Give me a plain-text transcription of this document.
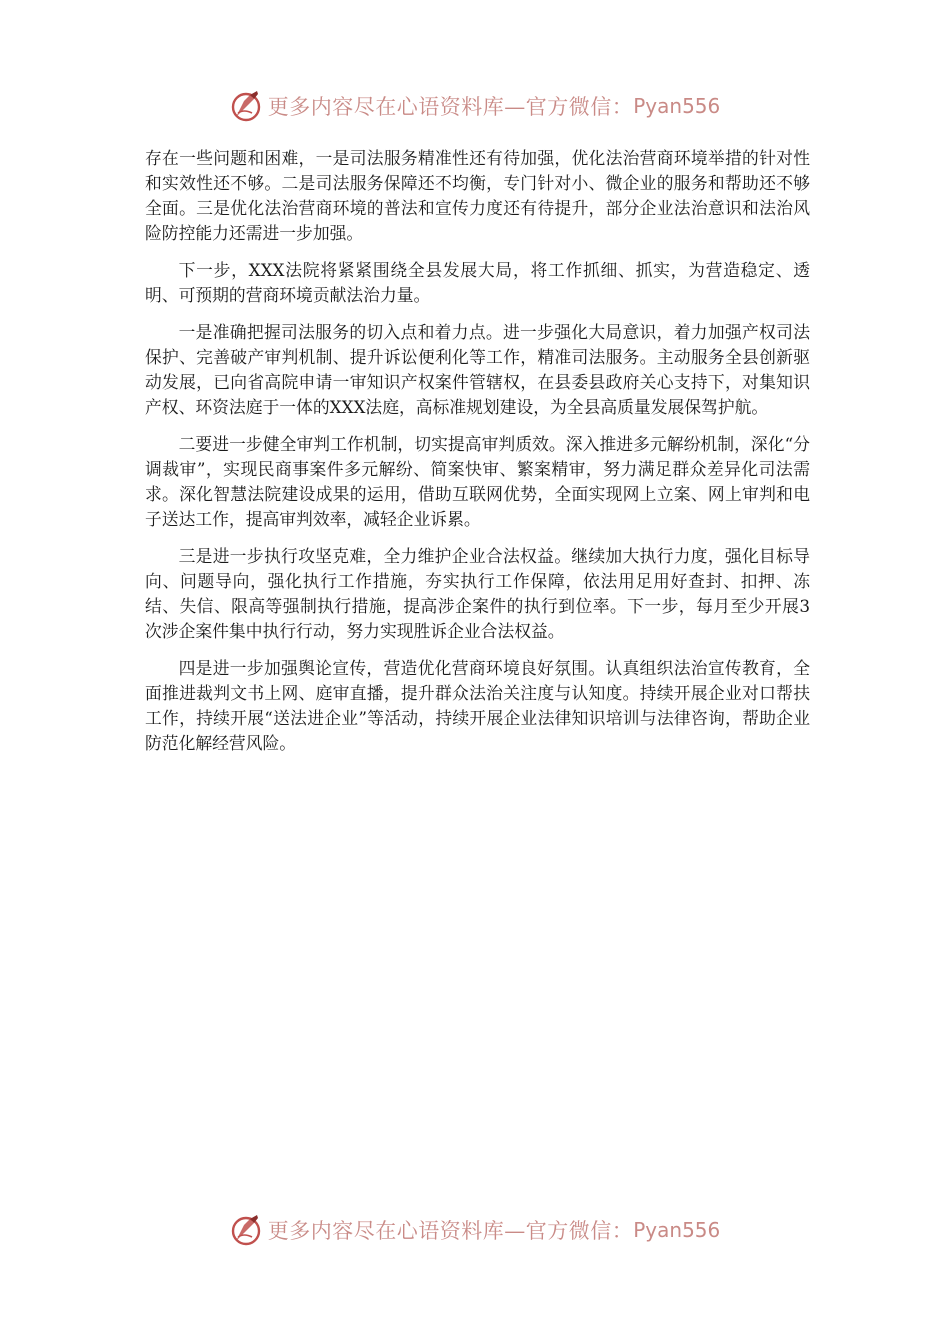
更多内容尽在心语资料库—官方微信： Pyan556

存在一些问题和困难，一是司法服务精准性还有待加强，优化法治营商环境举措的针对性和实效性还不够。二是司法服务保障还不均衡，专门针对小、微企业的服务和帮助还不够全面。三是优化法治营商环境的普法和宣传力度还有待提升，部分企业法治意识和法治风险防控能力还需进一步加强。

下一步，XXX法院将紧紧围绕全县发展大局，将工作抓细、抓实，为营造稳定、透明、可预期的营商环境贡献法治力量。

一是准确把握司法服务的切入点和着力点。进一步强化大局意识，着力加强产权司法保护、完善破产审判机制、提升诉讼便利化等工作，精准司法服务。主动服务全县创新驱动发展，已向省高院申请一审知识产权案件管辖权，在县委县政府关心支持下，对集知识产权、环资法庭于一体的XXX法庭，高标准规划建设，为全县高质量发展保驾护航。

二要进一步健全审判工作机制，切实提高审判质效。深入推进多元解纷机制，深化“分调裁审”，实现民商事案件多元解纷、简案快审、繁案精审，努力满足群众差异化司法需求。深化智慧法院建设成果的运用，借助互联网优势，全面实现网上立案、网上审判和电子送达工作，提高审判效率，减轻企业诉累。

三是进一步执行攻坚克难，全力维护企业合法权益。继续加大执行力度，强化目标导向、问题导向，强化执行工作措施，夯实执行工作保障，依法用足用好查封、扣押、冻结、失信、限高等强制执行措施，提高涉企案件的执行到位率。下一步，每月至少开展3次涉企案件集中执行行动，努力实现胜诉企业合法权益。

四是进一步加强舆论宣传，营造优化营商环境良好氛围。认真组织法治宣传教育，全面推进裁判文书上网、庭审直播，提升群众法治关注度与认知度。持续开展企业对口帮扶工作，持续开展“送法进企业”等活动，持续开展企业法律知识培训与法律咨询，帮助企业防范化解经营风险。

更多内容尽在心语资料库—官方微信： Pyan556
